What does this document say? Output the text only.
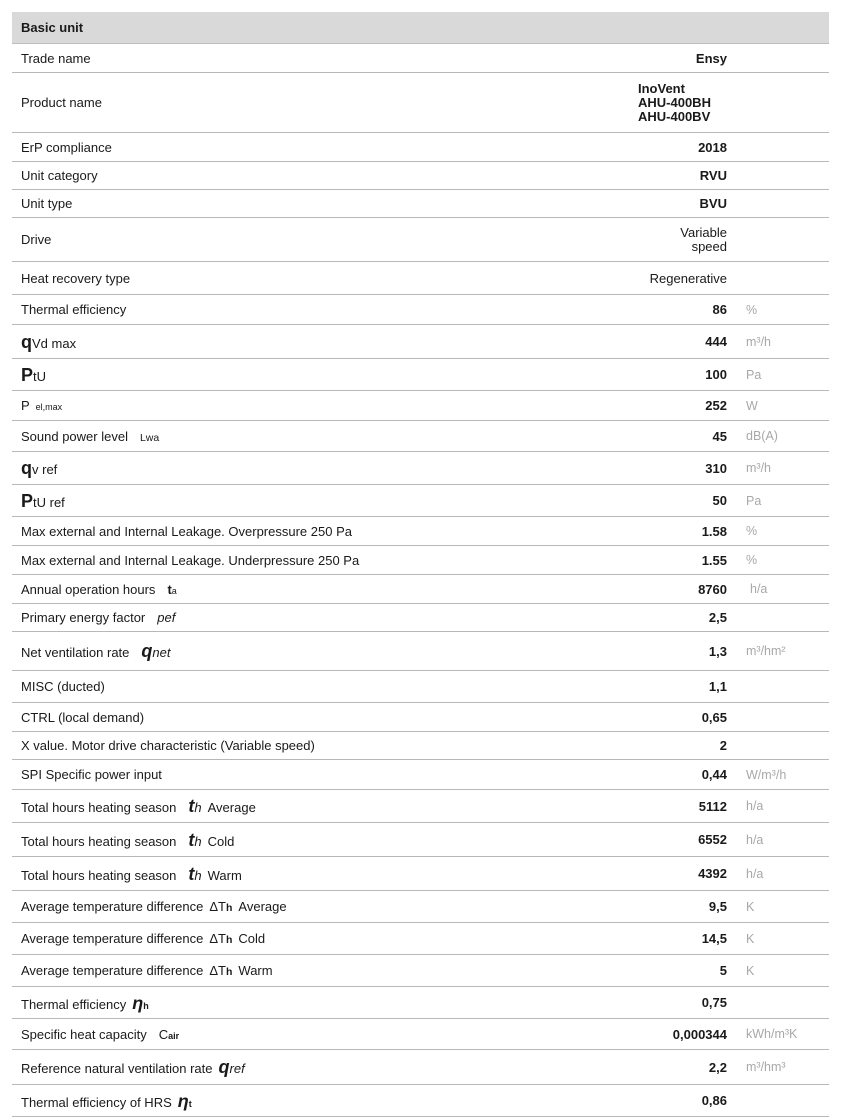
Basic unit
Trade name	Ensy
Product name
InoVent
AHU-400BH
AHU-400BV
ErP compliance	2018
Unit category	RVU
Unit type	BVU
Drive	Variable
speed
Heat recovery type	Regenerative
Thermal efficiency	86	%
q Vd max	444	m³/h
P tU	100	Pa
P el,max	252	W
Sound power level Lwa	45	dB(A)
q v ref	310	m³/h
P tU ref	50	Pa
Max external and Internal Leakage. Overpressure 250 Pa	1.58	%
Max external and Internal Leakage. Underpressure 250 Pa	1.55	%
Annual operation hours t a	8760	h/a
Primary energy factor pef	2,5
Net ventilation rate q net	1,3	m³/hm²
MISC (ducted)	1,1
CTRL (local demand)	0,65
X value. Motor drive characteristic (Variable speed)	2
SPI Specific power input	0,44	W/m³/h
Total hours heating season t h Average	5112	h/a
Total hours heating season t h Cold	6552	h/a
Total hours heating season t h Warm	4392	h/a
Average temperature difference ΔT h Average	9,5	K
Average temperature difference ΔT h Cold	14,5	K
Average temperature difference ΔT h Warm	5	K
Thermal efficiency η h	0,75
Specific heat capacity C air	0,000344	kWh/m³K
Reference natural ventilation rate q ref	2,2	m³/hm³
Thermal efficiency of HRS η t	0,86
